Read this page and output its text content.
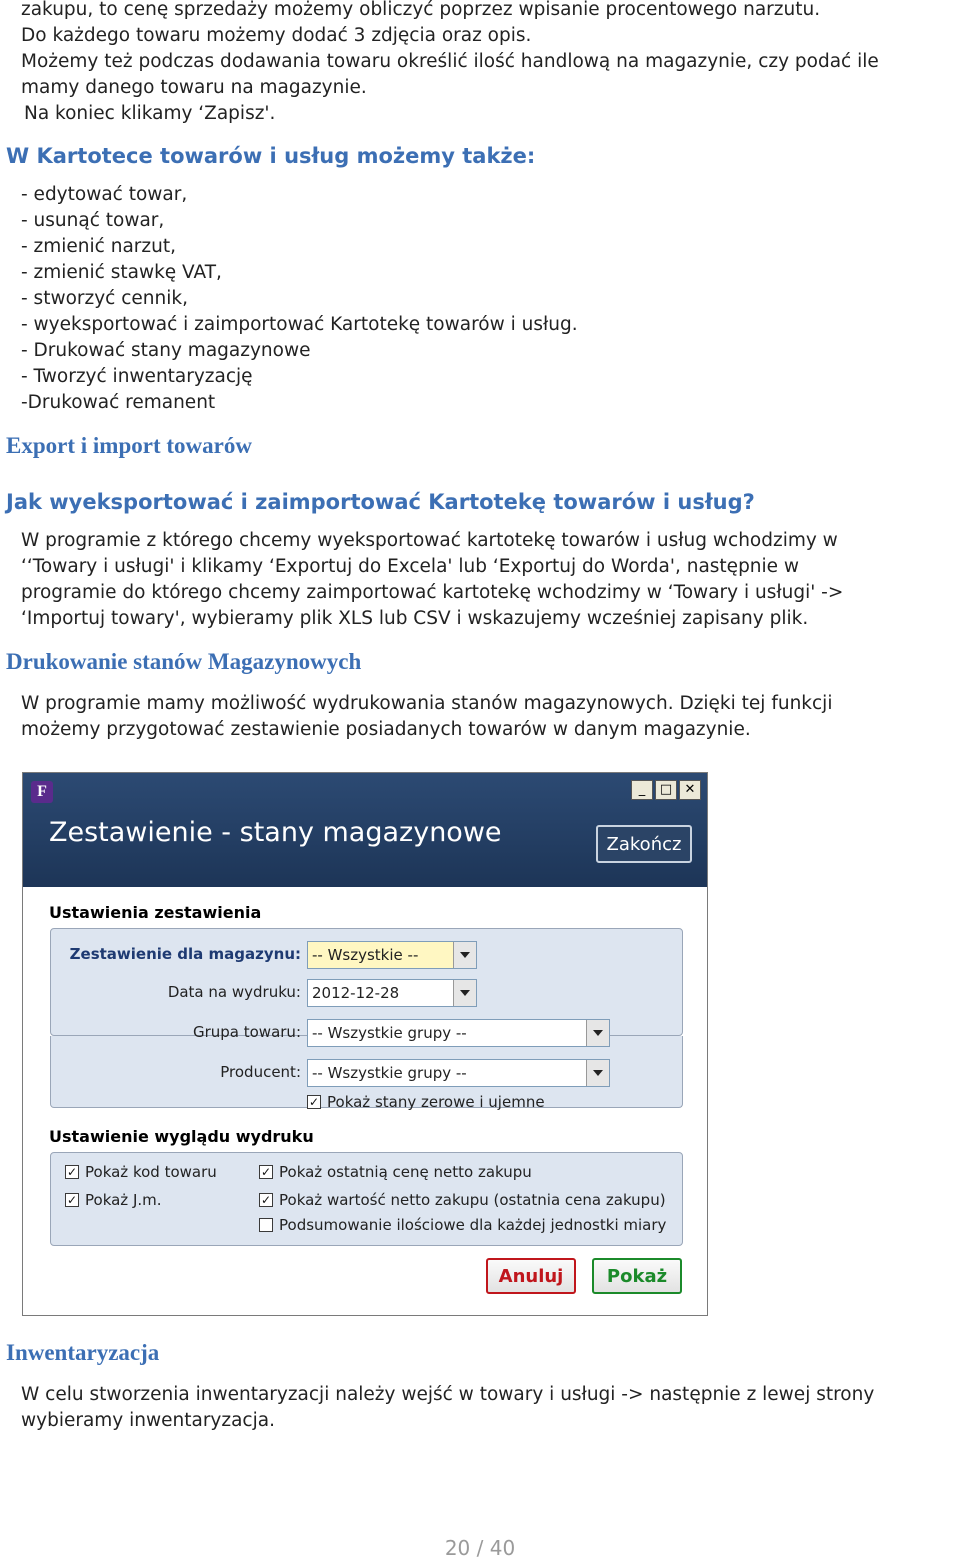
zakupu, to cenę sprzedaży możemy obliczyć poprzez wpisanie procentowego narzutu.
Do każdego towaru możemy dodać 3 zdjęcia oraz opis.
Możemy też podczas dodawania towaru określić ilość handlową na magazynie, czy podać ile
mamy danego towaru na magazynie.
Na koniec klikamy ‘Zapisz'.
W Kartotece towarów i usług możemy także:
- edytować towar,
- usunąć towar,
- zmienić narzut,
- zmienić stawkę VAT,
- stworzyć cennik,
- wyeksportować i zaimportować Kartotekę towarów i usług.
- Drukować stany magazynowe
- Tworzyć inwentaryzację
-Drukować remanent
Export i import towarów
Jak wyeksportować i zaimportować Kartotekę towarów i usług?
W programie z którego chcemy wyeksportować kartotekę towarów i usług wchodzimy w
‘‘Towary i usługi' i klikamy ‘Exportuj do Excela' lub ‘Exportuj do Worda', następnie w
programie do którego chcemy zaimportować kartotekę wchodzimy w ‘Towary i usługi' ->
‘Importuj towary', wybieramy plik XLS lub CSV i wskazujemy wcześniej zapisany plik.
Drukowanie stanów Magazynowych
W programie mamy możliwość wydrukowania stanów magazynowych. Dzięki tej funkcji
możemy przygotować zestawienie posiadanych towarów w danym magazynie.
F	_	□ ✕
Zestawienie - stany magazynowe	Zakończ
Ustawienia zestawienia
Zestawienie dla magazynu: -- Wszystkie --
Data na wydruku: 2012-12-28
Grupa towaru: -- Wszystkie grupy --
Producent: -- Wszystkie grupy --
✓ Pokaż stany zerowe i ujemne
Ustawienie wyglądu wydruku
✓ Pokaż kod towaru
✓ Pokaż J.m.
✓ Pokaż ostatnią cenę netto zakupu
✓ Pokaż wartość netto zakupu (ostatnia cena zakupu)
Podsumowanie ilościowe dla każdej jednostki miary
Anuluj	Pokaż
Inwentaryzacja
W celu stworzenia inwentaryzacji należy wejść w towary i usługi -> następnie z lewej strony
wybieramy inwentaryzacja.
20 / 40
